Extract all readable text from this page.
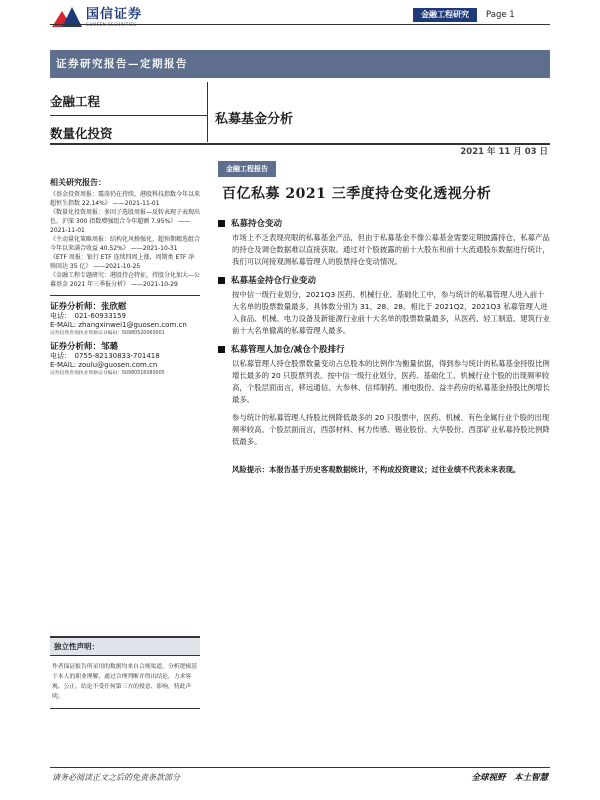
国信证券	金融工程研究	Page 1
证券研究报告—定期报告
金融工程
数量化投资
私募基金分析
2021 年 11 月 03 日
金融工程报告
相关研究报告：
《基金投资周报：震荡仍在持续，港股科技指数今年以来超恒生指数 22.14%》 ——2021-11-01
《数量化投资周报：多因子选股周报—反转表现子表现出色，沪深 300 指数增强组合今年超额 7.95%》 ——2021-11-01
《主动量化策略周报：结构化风格强化，超预期精选组合今年以来满合收益 40.52%》 ——2021-10-31
《ETF 周报：银行 ETF 连续四周上涨，周期类 ETF 净赎回达 35 亿》 ——2021-10-25
《金融工程专题研究：港股持仓特征，持股分化加大—公募基金 2021 年三季报分析》 ——2021-10-29
证券分析师：张欣慰
电话：　021-60933159
E-MAIL: zhangxinwei1@guosen.com.cn
证券投资咨询执业资格证书编码：S0980520060001
证券分析师：邹璐
电话：　0755-82130833-701418
E-MAIL: zoulu@guosen.com.cn
证券投资咨询执业资格证书编码：S0980516080005
百亿私募 2021 三季度持仓变化透视分析
私募持仓变动
市场上不乏表现亮眼的私募基金产品，但由于私募基金不像公募基金需要定期披露持仓，私募产品的持仓及调仓数据难以直接获取。通过对个股披露的前十大股东和前十大流通股东数据进行统计，我们可以间接观测私募管理人的股票持仓变动情况。
私募基金持仓行业变动
按中信一级行业划分，2021Q3 医药、机械行业、基础化工中，参与统计的私募管理人进入前十大名单的股票数量最多，具体数分别为 31、28、28。相比于 2021Q2，2021Q3 私募管理人进入食品、机械、电力设备及新能源行业前十大名单的股票数量最多，从医药、轻工制造、建筑行业前十大名单撤离的私募管理人最多。
私募管理人加仓/减仓个股排行
以私募管理人持仓股票数量变动占总股本的比例作为衡量依据，得到参与统计的私募基金持股比例增长最多的 20 只股票列表。按中信一级行业划分，医药、基础化工、机械行业个股的出现频率较高，个股层面而言，移远通信、大参林、信邦制药、湘电股份、益丰药房的私募基金持股比例增长最多。
参与统计的私募管理人持股比例降低最多的 20 只股票中，医药、机械、有色金属行业个股的出现频率较高。个股层面而言，西部材料、柯力传感、锡业股份、大华股份、西部矿业私募持股比例降低最多。
风险提示：本报告基于历史客观数据统计，不构成投资建议；过往业绩不代表未来表现。
独立性声明：
作者保证报告所采用的数据均来自合规渠道，分析逻辑基于本人的职业理解，通过合理判断并得出结论，力求客观、公正，结论不受任何第三方的授意、影响，特此声明。
请务必阅读正文之后的免责条款部分	全球视野　本土智慧
